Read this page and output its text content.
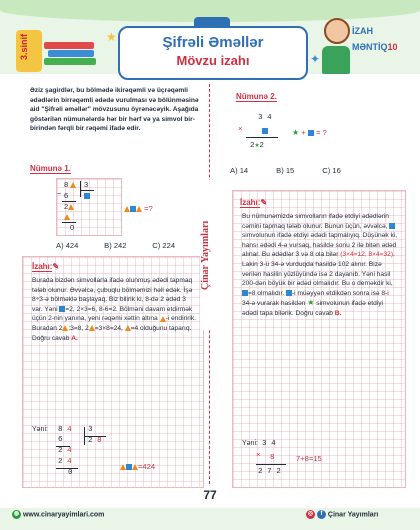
3.sinif	★
✦
Şifrəli Əməllər
Mövzu izahı
İZAH
MƏNTİQ10
Əziz şagirdlər, bu bölmədə ikirəqəmli və üçrəqəmli ədədlərin birrəqəmli ədədə vurulması və bölünməsinə aid "Şifrəli əməllər" mövzusunu öyrənəcəyik. Aşağıda göstərilən nümunələrdə hər bir hərf və ya simvol bir-birindən fərqli bir rəqəmi ifadə edir.
Nümunə 1.
8	3
− 6
2
0
=?
A) 424	B) 242	C) 224
İzahı:✎
Burada bizdən simvollarla ifadə olunmuş ədədi tapmaq tələb olunur. Əvvəlcə, çubuqlu bölməmizi həll edək. İşə 8÷3-ə bölməklə başlayaq. Biz bilirik ki, 8-də 2 ədəd 3 var. Yəni =2, 2×3=6, 8-6=2. Bölməni davam etdirmək üçün 2-nin yanına, yeni rəqəmi xəttin altına -i endiririk. Buradan 2 :3=8, 2 =3×8=24, =4 olduğunu taparıq. Doğru cavab A.
Yəni: 8 4 3
2 8
6
2 4
2 4
0
=424
Çinar Yayımları
Nümunə 2.
3 4
×
2★2
★ + = ?
A) 14	B) 15	C) 16
İzahı:✎
Bu nümunəmizdə simvolların ifadə etdiyi ədədlərin cəmini tapmaq tələb olunur. Bunun üçün, əvvəlcə,  simvolunun ifadə etdiyi ədədi tapmalıyıq. Düşünək ki, hansı ədədi 4-ə vursaq, hasildə sonu 2 ilə bitən ədəd alınar. Bu ədədlər 3 və 8 ola bilər (3×4=12, 8×4=32). Lakin 3-ü 34-ə vurduqda hasildə 102 alınır. Bizə verilən hasilin yüzlüyündə isə 2 dayanıb. Yəni hasil 200-dən böyük bir ədəd olmalıdır. Bu o deməkdir ki, =8 olmalıdır. -i müəyyən etdikdən sonra isə 8-i 34-ə vurarak hasildən ★ simvolunun ifadə etdiyi ədədi tapa bilərik. Doğru cavab B.
Yəni: 3 4
× 8
2 7 2
7+8=15
77
◍ www.cinaryayimlari.com	◎ f Çinar Yayımları
